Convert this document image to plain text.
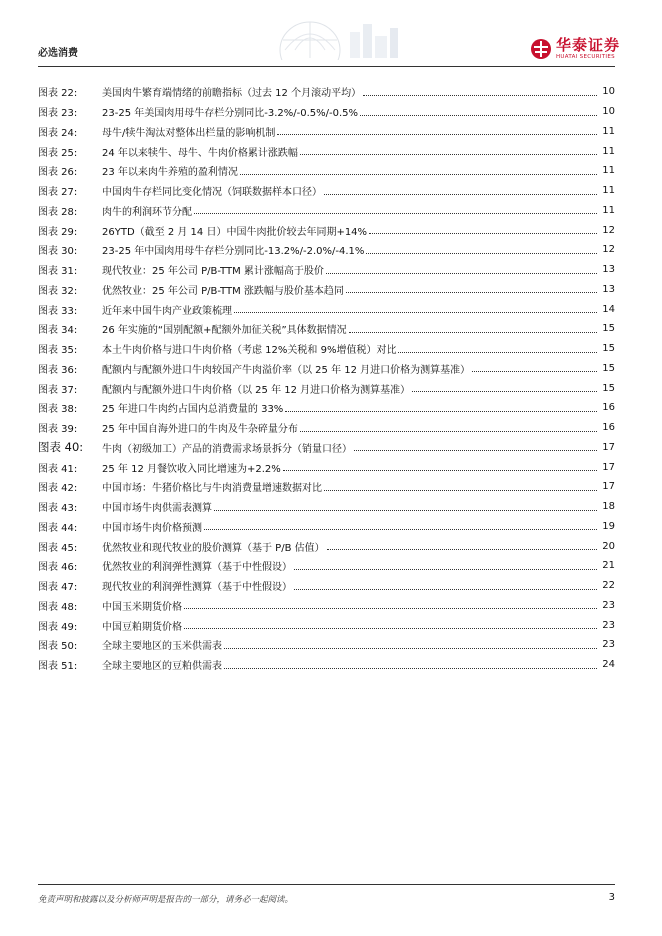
必选消费	华泰证券
HUATAI SECURITIES
图表 22:	美国肉牛繁育端情绪的前瞻指标（过去 12 个月滚动平均）	10
图表 23:	23-25 年美国肉用母牛存栏分别同比-3.2%/-0.5%/-0.5%	10
图表 24:	母牛/犊牛淘汰对整体出栏量的影响机制	11
图表 25:	24 年以来犊牛、母牛、牛肉价格累计涨跌幅	11
图表 26:	23 年以来肉牛养殖的盈利情况	11
图表 27:	中国肉牛存栏同比变化情况（饲联数据样本口径）	11
图表 28:	肉牛的利润环节分配	11
图表 29:	26YTD（截至 2 月 14 日）中国牛肉批价较去年同期+14%	12
图表 30:	23-25 年中国肉用母牛存栏分别同比-13.2%/-2.0%/-4.1%	12
图表 31:	现代牧业：25 年公司 P/B-TTM 累计涨幅高于股价	13
图表 32:	优然牧业：25 年公司 P/B-TTM 涨跌幅与股价基本趋同	13
图表 33:	近年来中国牛肉产业政策梳理	14
图表 34:	26 年实施的“国别配额+配额外加征关税”具体数据情况	15
图表 35:	本土牛肉价格与进口牛肉价格（考虑 12%关税和 9%增值税）对比	15
图表 36:	配额内与配额外进口牛肉较国产牛肉溢价率（以 25 年 12 月进口价格为测算基准）	15
图表 37:	配额内与配额外进口牛肉价格（以 25 年 12 月进口价格为测算基准）	15
图表 38:	25 年进口牛肉约占国内总消费量的 33%	16
图表 39:	25 年中国自海外进口的牛肉及牛杂碎量分布	16
图表 40:	牛肉（初级加工）产品的消费需求场景拆分（销量口径）	17
图表 41:	25 年 12 月餐饮收入同比增速为+2.2%	17
图表 42:	中国市场：牛猪价格比与牛肉消费量增速数据对比	17
图表 43:	中国市场牛肉供需表测算	18
图表 44:	中国市场牛肉价格预测	19
图表 45:	优然牧业和现代牧业的股价测算（基于 P/B 估值）	20
图表 46:	优然牧业的利润弹性测算（基于中性假设）	21
图表 47:	现代牧业的利润弹性测算（基于中性假设）	22
图表 48:	中国玉米期货价格	23
图表 49:	中国豆粕期货价格	23
图表 50:	全球主要地区的玉米供需表	23
图表 51:	全球主要地区的豆粕供需表	24
免责声明和披露以及分析师声明是报告的一部分，请务必一起阅读。	3
